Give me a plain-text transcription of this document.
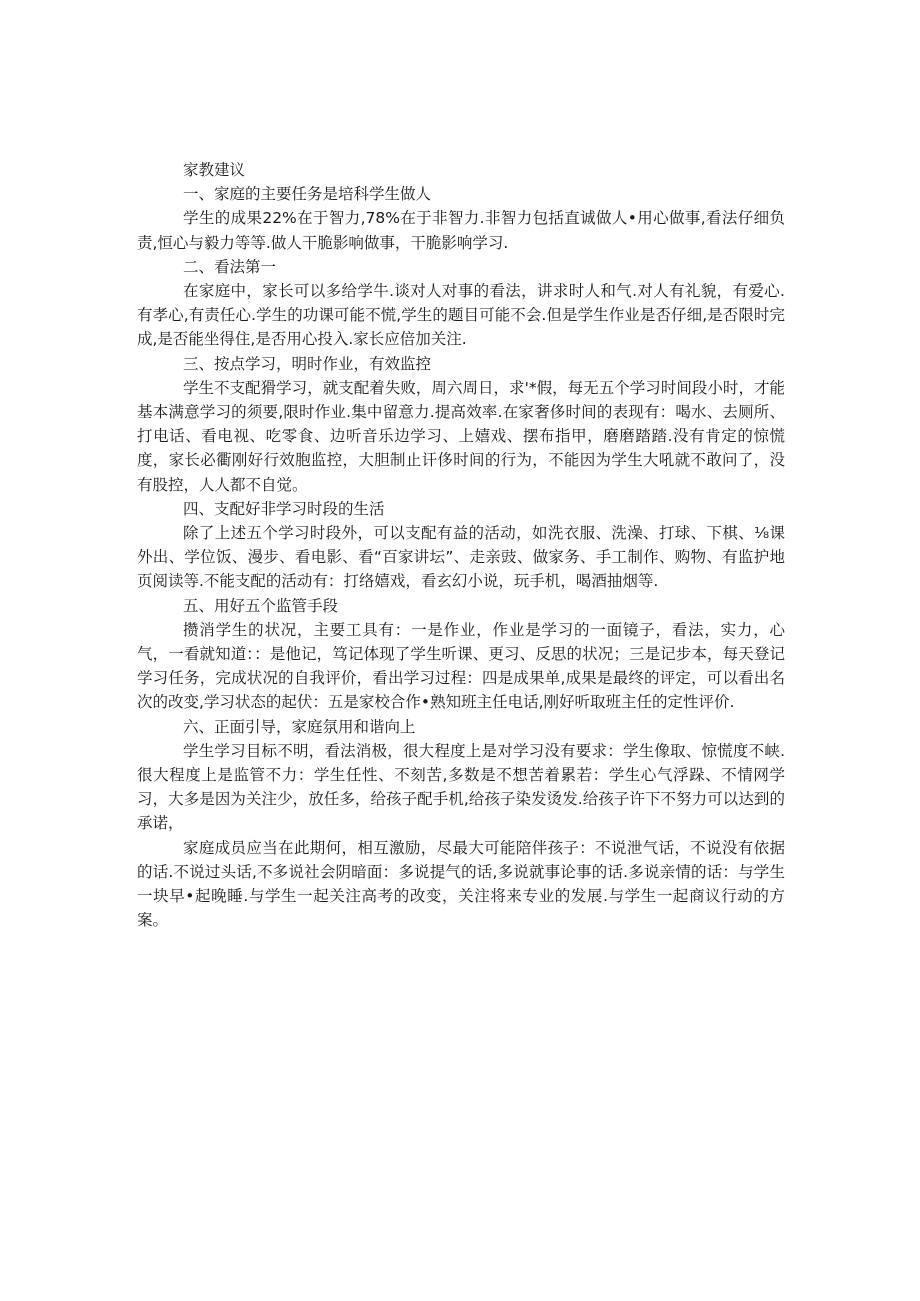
家教建议

一、家庭的主要任务是培科学生做人

学生的成果22%在于智力,78%在于非智力.非智力包括直诚做人•用心做事,看法仔细负责,恒心与毅力等等.做人干脆影响做事，干脆影响学习.

二、看法第一

在家庭中，家长可以多给学牛.谈对人对事的看法，讲求时人和气.对人有礼貌，有爱心.有孝心,有责任心.学生的功课可能不慌,学生的题目可能不会.但是学生作业是否仔细,是否限时完成,是否能坐得住,是否用心投入.家长应倍加关注.

三、按点学习，明时作业，有效监控

学生不支配猾学习，就支配着失败，周六周日，求'*假，每无五个学习时间段小时，才能基本满意学习的须要,限时作业.集中留意力.提高效率.在家奢侈时间的表现有：喝水、去厕所、打电话、看电视、吃零食、边听音乐边学习、上嬉戏、摆布指甲，磨磨踏踏.没有肯定的惊慌度，家长必衢刚好行效胞监控，大胆制止讦侈时间的行为，不能因为学生大吼就不敢问了，没有股控，人人都不自觉。

四、支配好非学习时段的生活

除了上述五个学习时段外，可以支配有益的活动，如洗衣服、洗澡、打球、下棋、⅛课外出、学位饭、漫步、看电影、看“百家讲坛”、走亲豉、做家务、手工制作、购物、有监护地页阅读等.不能支配的活动有：打络嬉戏，看玄幻小说，玩手机，喝酒抽烟等.

五、用好五个监管手段

攒消学生的状况，主要工具有：一是作业，作业是学习的一面镜子，看法，实力，心气，一看就知道：：是他记，笃记体现了学生听课、更习、反思的状况；三是记步本，每天登记学习任务，完成状况的自我评价，看出学习过程：四是成果单,成果是最终的评定，可以看出名次的改变,学习状态的起伏：五是家校合作•熟知班主任电话,刚好听取班主任的定性评价.

六、正面引导，家庭氛用和谐向上

学生学习目标不明，看法消极，很大程度上是对学习没有要求：学生像取、惊慌度不峡.很大程度上是监管不力：学生任性、不刻苦,多数是不想苦着累若：学生心气浮跺、不情网学习，大多是因为关注少，放任多，给孩子配手机,给孩子染发烫发.给孩子许下不努力可以达到的承诺，

家庭成员应当在此期何，相互激励，尽最大可能陪伴孩子：不说泄气话，不说没有依据的话.不说过头话,不多说社会阴暗面：多说提气的话,多说就事论事的话.多说亲情的话：与学生一块早•起晚睡.与学生一起关注高考的改变，关注将来专业的发展.与学生一起商议行动的方案。
